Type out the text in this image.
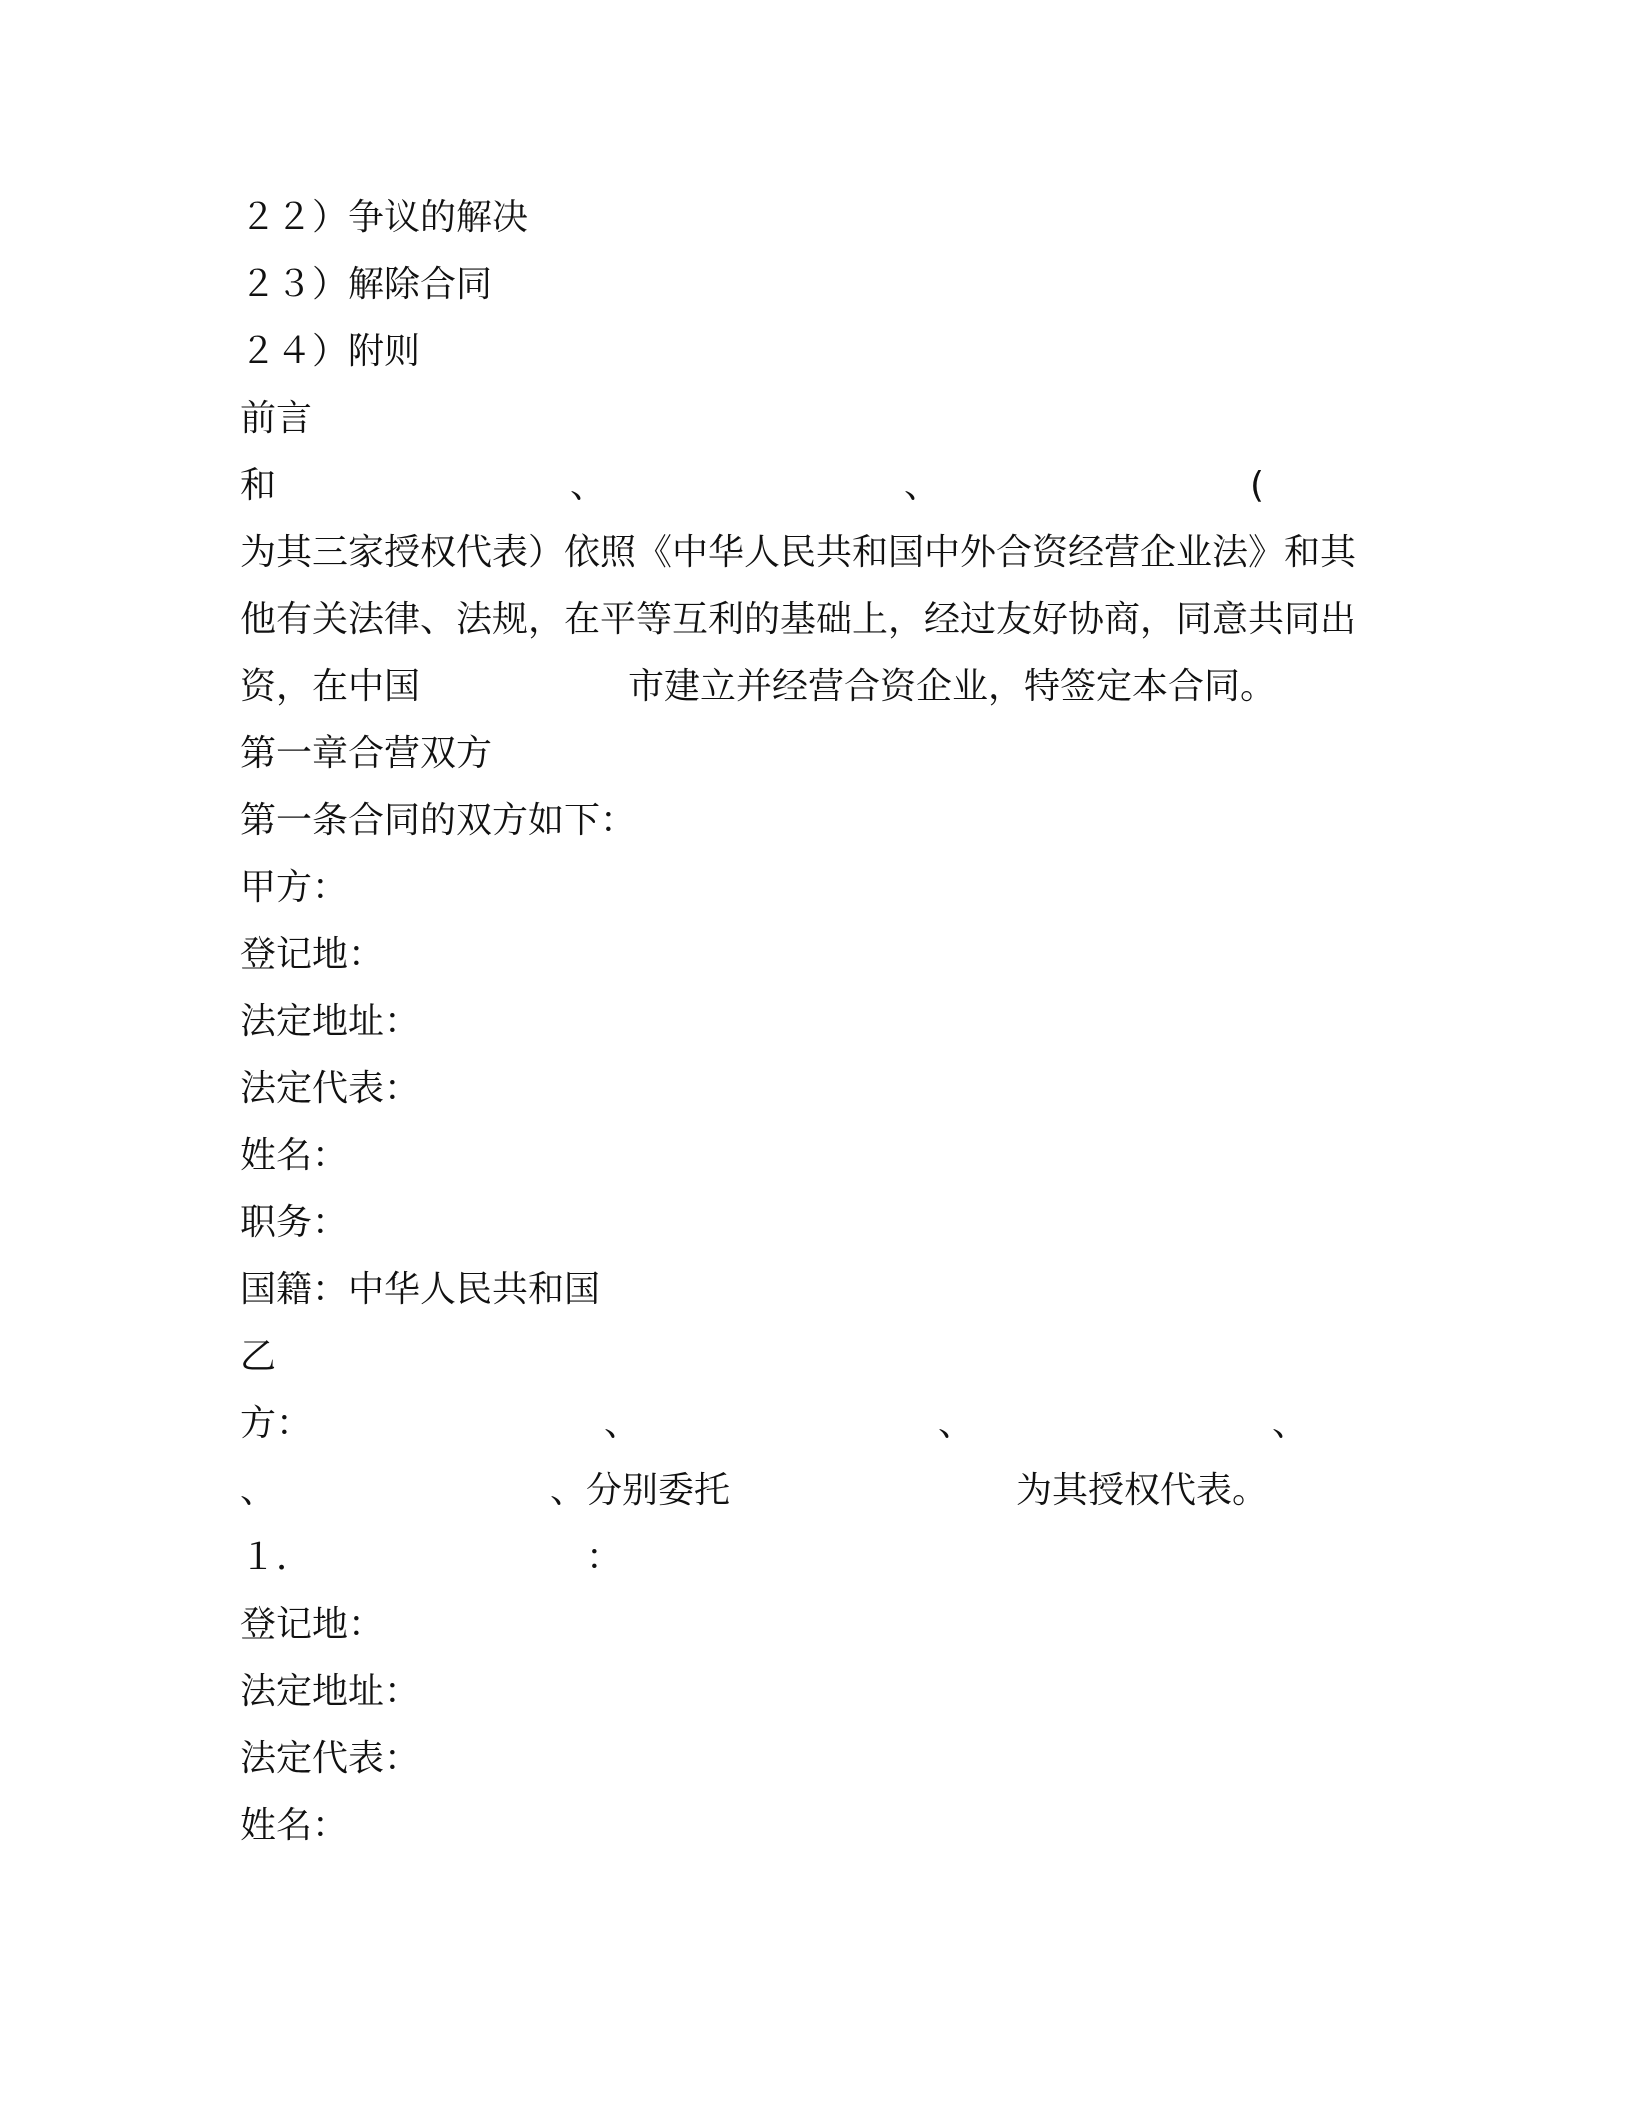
２２）争议的解决
２３）解除合同
２４）附则
前言

和

	、

	、

	(

为其三家授权代表）依照《中华人民共和国中外合资经营企业法》和其
他有关法律、法规，在平等互利的基础上，经过友好协商，同意共同出

资，在中国

	市建立并经营合资企业，特签定本合同。

第一章合营双方
第一条合同的双方如下：
甲方：
登记地：
法定地址：
法定代表：
姓名：
职务：
国籍：中华人民共和国
乙

方：

	、

	、

	、

、

	、分别委托

	为其授权代表。

１．

	：

登记地：
法定地址：
法定代表：
姓名：
